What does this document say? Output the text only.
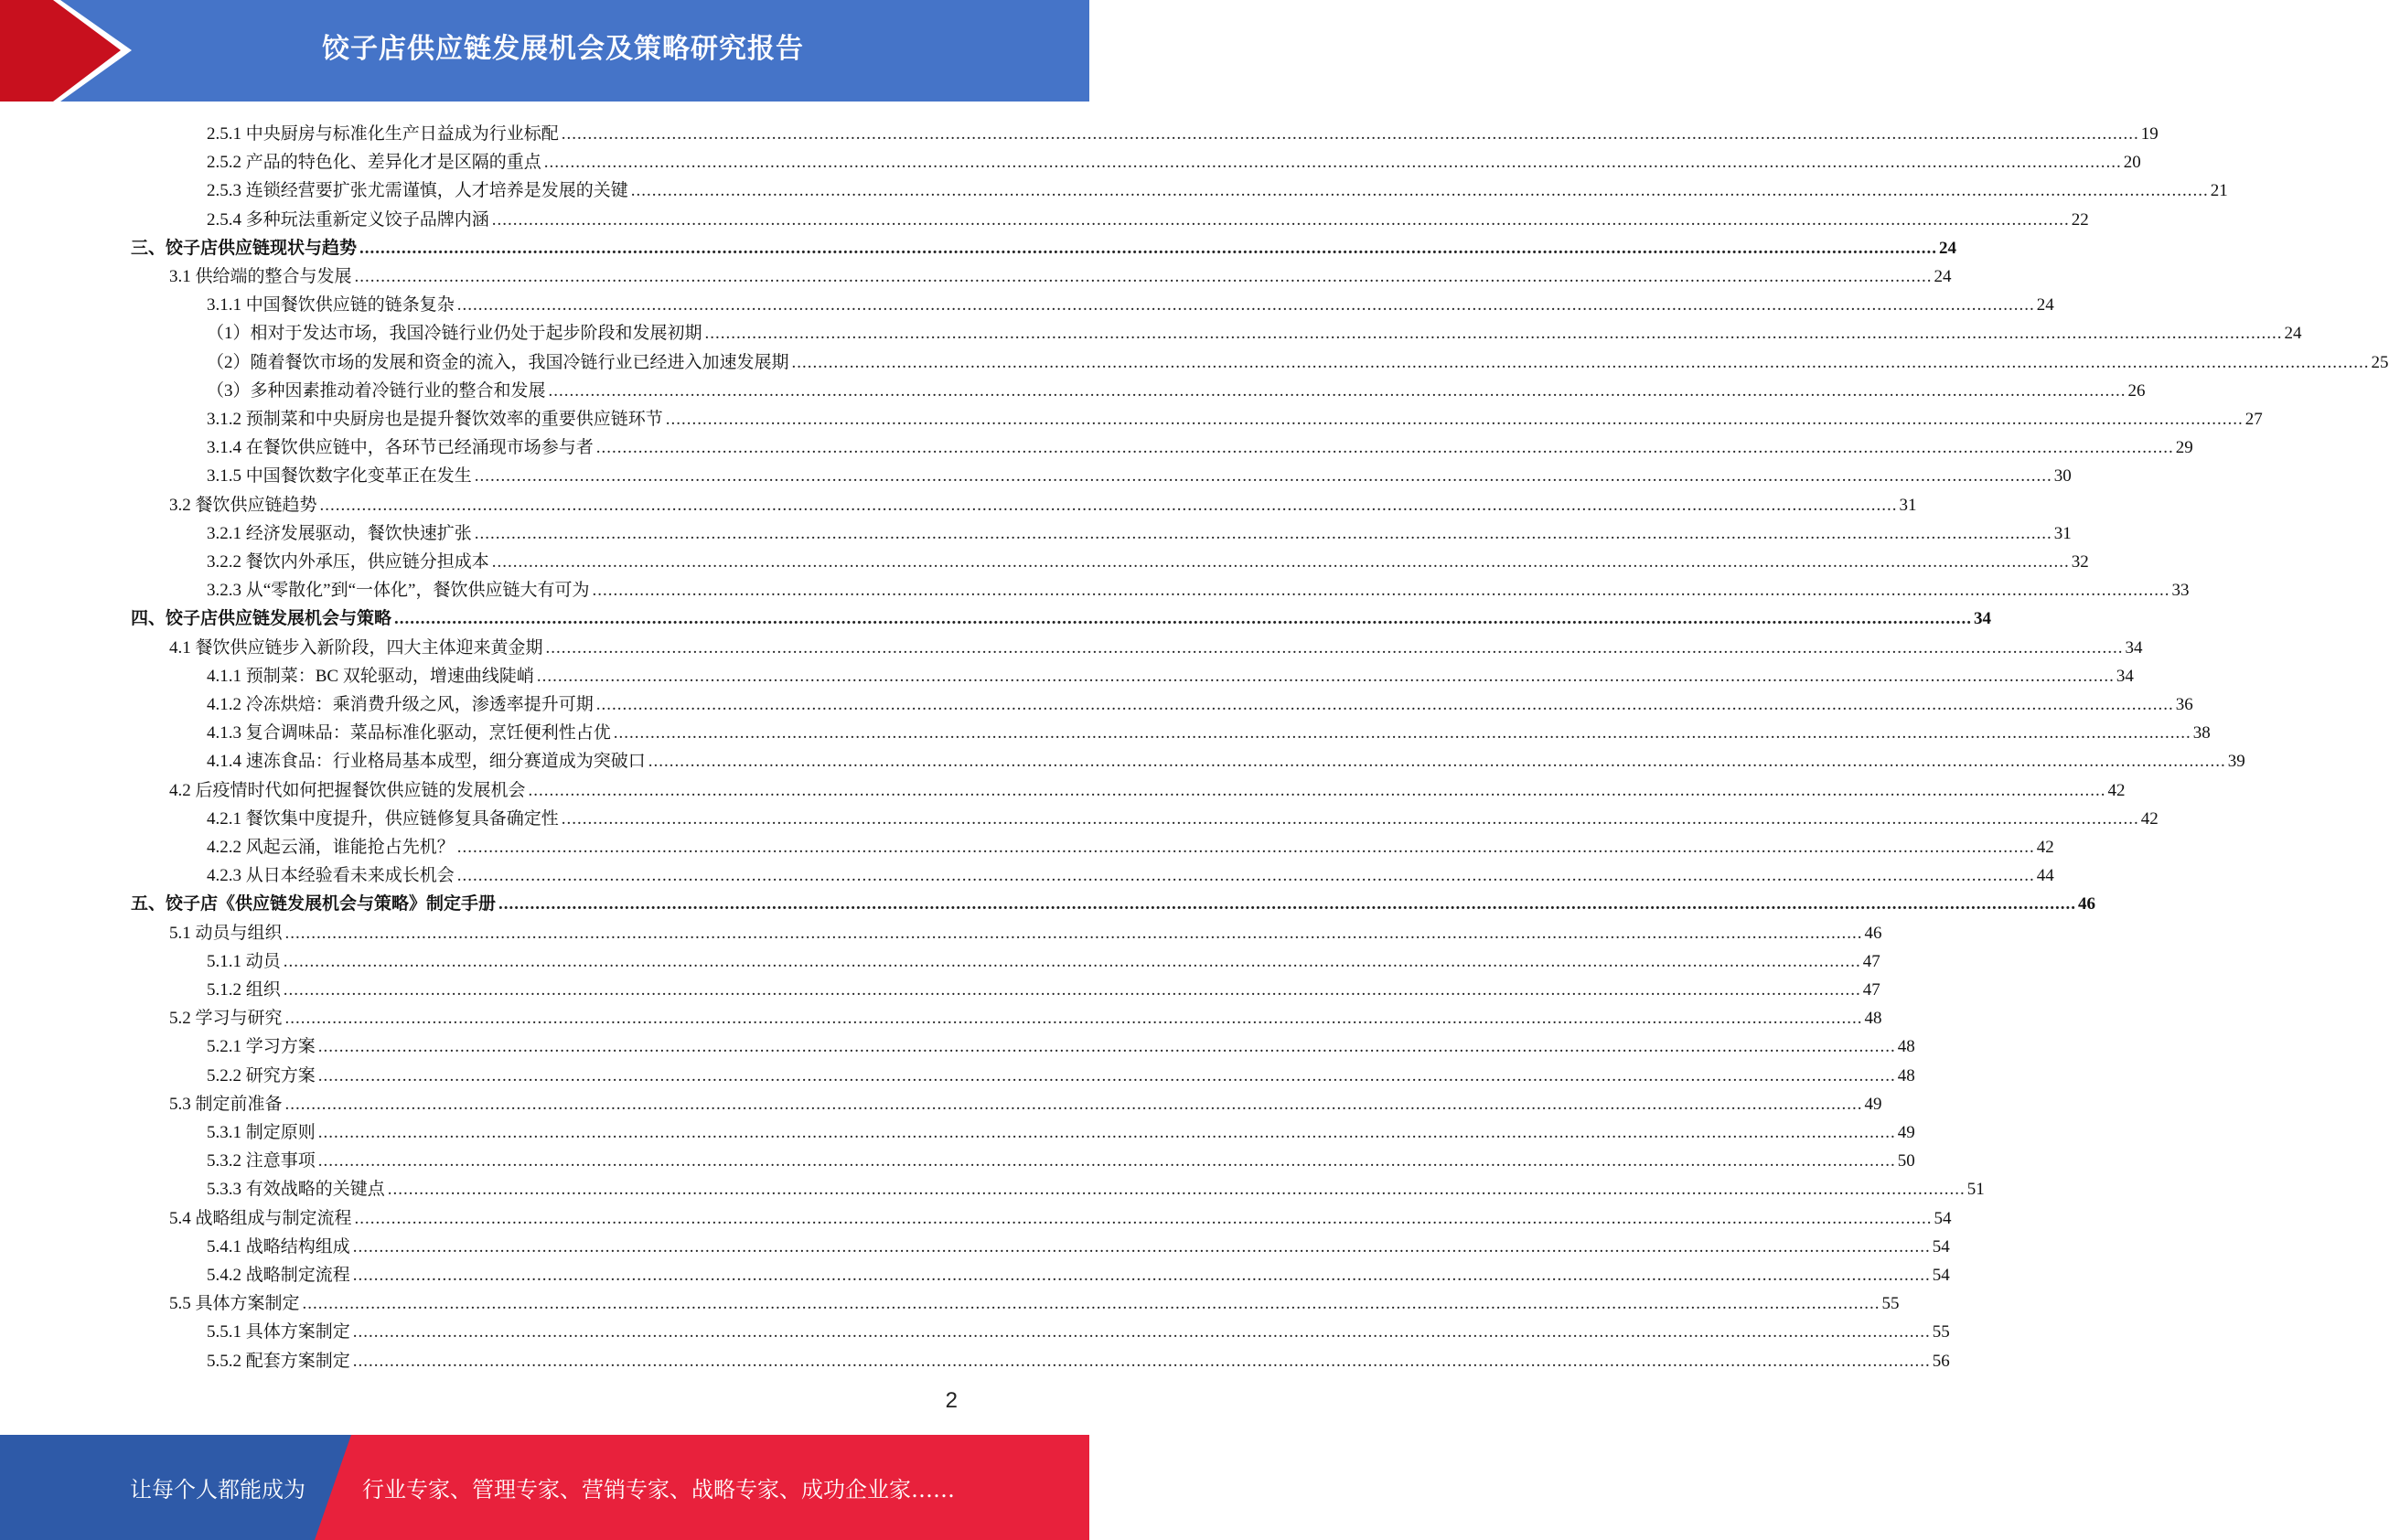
饺子店供应链发展机会及策略研究报告
2.5.1 中央厨房与标准化生产日益成为行业标配 ............................................................................................................................................................................................................................................................................................................ 19
2.5.2 产品的特色化、差异化才是区隔的重点 ............................................................................................................................................................................................................................................................................................................ 20
2.5.3 连锁经营要扩张尤需谨慎，人才培养是发展的关键 ............................................................................................................................................................................................................................................................................................................ 21
2.5.4 多种玩法重新定义饺子品牌内涵 ............................................................................................................................................................................................................................................................................................................ 22
三、饺子店供应链现状与趋势 ............................................................................................................................................................................................................................................................................................................ 24
3.1 供给端的整合与发展 ............................................................................................................................................................................................................................................................................................................ 24
3.1.1 中国餐饮供应链的链条复杂 ............................................................................................................................................................................................................................................................................................................ 24
（1）相对于发达市场，我国冷链行业仍处于起步阶段和发展初期 ............................................................................................................................................................................................................................................................................................................ 24
（2）随着餐饮市场的发展和资金的流入，我国冷链行业已经进入加速发展期 ............................................................................................................................................................................................................................................................................................................ 25
（3）多种因素推动着冷链行业的整合和发展 ............................................................................................................................................................................................................................................................................................................ 26
3.1.2 预制菜和中央厨房也是提升餐饮效率的重要供应链环节 ............................................................................................................................................................................................................................................................................................................ 27
3.1.4 在餐饮供应链中，各环节已经涌现市场参与者 ............................................................................................................................................................................................................................................................................................................ 29
3.1.5 中国餐饮数字化变革正在发生 ............................................................................................................................................................................................................................................................................................................ 30
3.2 餐饮供应链趋势 ............................................................................................................................................................................................................................................................................................................ 31
3.2.1 经济发展驱动，餐饮快速扩张 ............................................................................................................................................................................................................................................................................................................ 31
3.2.2 餐饮内外承压，供应链分担成本 ............................................................................................................................................................................................................................................................................................................ 32
3.2.3 从“零散化”到“一体化”，餐饮供应链大有可为 ............................................................................................................................................................................................................................................................................................................ 33
四、饺子店供应链发展机会与策略 ............................................................................................................................................................................................................................................................................................................ 34
4.1 餐饮供应链步入新阶段，四大主体迎来黄金期 ............................................................................................................................................................................................................................................................................................................ 34
4.1.1 预制菜：BC 双轮驱动，增速曲线陡峭 ............................................................................................................................................................................................................................................................................................................ 34
4.1.2 冷冻烘焙：乘消费升级之风，渗透率提升可期 ............................................................................................................................................................................................................................................................................................................ 36
4.1.3 复合调味品：菜品标准化驱动，烹饪便利性占优 ............................................................................................................................................................................................................................................................................................................ 38
4.1.4 速冻食品：行业格局基本成型，细分赛道成为突破口 ............................................................................................................................................................................................................................................................................................................ 39
4.2 后疫情时代如何把握餐饮供应链的发展机会 ............................................................................................................................................................................................................................................................................................................ 42
4.2.1 餐饮集中度提升，供应链修复具备确定性 ............................................................................................................................................................................................................................................................................................................ 42
4.2.2 风起云涌，谁能抢占先机？ ............................................................................................................................................................................................................................................................................................................ 42
4.2.3 从日本经验看未来成长机会 ............................................................................................................................................................................................................................................................................................................ 44
五、饺子店《供应链发展机会与策略》制定手册 ............................................................................................................................................................................................................................................................................................................ 46
5.1 动员与组织 ............................................................................................................................................................................................................................................................................................................ 46
5.1.1 动员 ............................................................................................................................................................................................................................................................................................................ 47
5.1.2 组织 ............................................................................................................................................................................................................................................................................................................ 47
5.2 学习与研究 ............................................................................................................................................................................................................................................................................................................ 48
5.2.1 学习方案 ............................................................................................................................................................................................................................................................................................................ 48
5.2.2 研究方案 ............................................................................................................................................................................................................................................................................................................ 48
5.3 制定前准备 ............................................................................................................................................................................................................................................................................................................ 49
5.3.1 制定原则 ............................................................................................................................................................................................................................................................................................................ 49
5.3.2 注意事项 ............................................................................................................................................................................................................................................................................................................ 50
5.3.3 有效战略的关键点 ............................................................................................................................................................................................................................................................................................................ 51
5.4 战略组成与制定流程 ............................................................................................................................................................................................................................................................................................................ 54
5.4.1 战略结构组成 ............................................................................................................................................................................................................................................................................................................ 54
5.4.2 战略制定流程 ............................................................................................................................................................................................................................................................................................................ 54
5.5 具体方案制定 ............................................................................................................................................................................................................................................................................................................ 55
5.5.1 具体方案制定 ............................................................................................................................................................................................................................................................................................................ 55
5.5.2 配套方案制定 ............................................................................................................................................................................................................................................................................................................ 56
2
让每个人都能成为	行业专家、管理专家、营销专家、战略专家、成功企业家……
